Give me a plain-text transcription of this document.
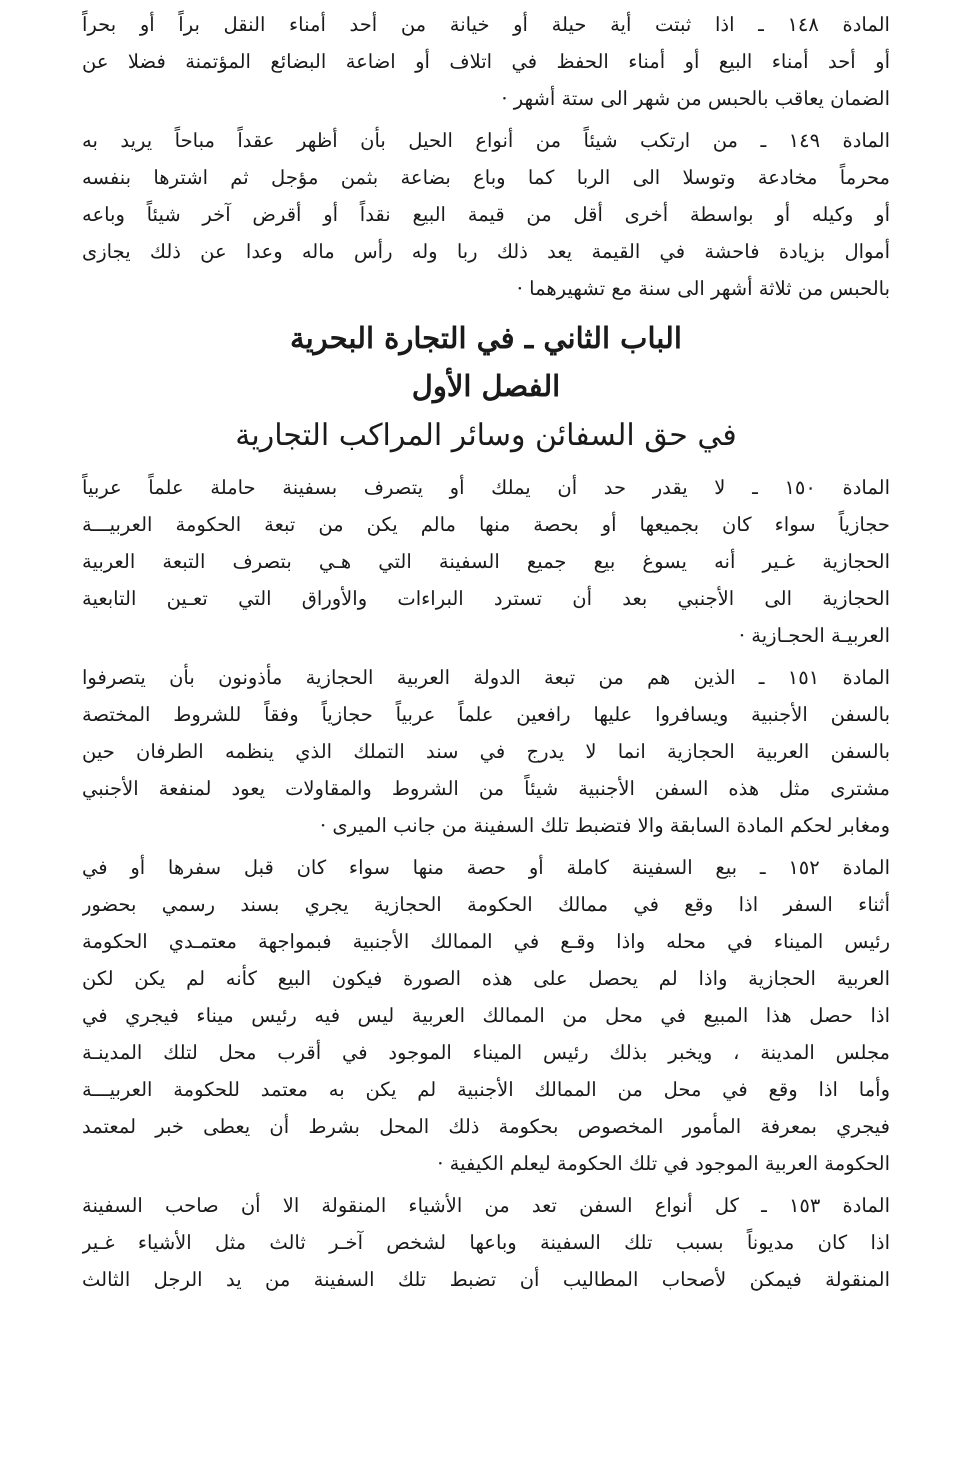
المادة ١٤٨ ـ اذا ثبتت أية حيلة أو خيانة من أحد أمناء النقل براً أو بحراً
أو أحد أمناء البيع أو أمناء الحفظ في اتلاف أو اضاعة البضائع المؤتمنة فضلا عن
الضمان يعاقب بالحبس من شهر الى ستة أشهر ·

المادة ١٤٩ ـ من ارتكب شيئاً من أنواع الحيل بأن أظهر عقداً مباحاً يريد به
محرماً مخادعة وتوسلا الى الربا كما وباع بضاعة بثمن مؤجل ثم اشترها بنفسه
أو وكيله أو بواسطة أخرى أقل من قيمة البيع نقداً أو أقرض آخر شيئاً وباعه
أموال بزيادة فاحشة في القيمة يعد ذلك ربا وله رأس ماله وعدا عن ذلك يجازى
بالحبس من ثلاثة أشهر الى سنة مع تشهيرهما ·

الباب الثاني ـ في التجارة البحرية
الفصل الأول
في حق السفائن وسائر المراكب التجارية

المادة ١٥٠ ـ لا يقدر حد أن يملك أو يتصرف بسفينة حاملة علماً عربياً
حجازياً سواء كان بجميعها أو بحصة منها مالم يكن من تبعة الحكومة العربيـــة
الحجازية غـير أنه يسوغ بيع جميع السفينة التي هـي بتصرف التبعة العربية
الحجازية الى الأجنبي بعد أن تسترد البراءات والأوراق التي تعـين التابعية
العربيـة الحجـازية ·

المادة ١٥١ ـ الذين هم من تبعة الدولة العربية الحجازية مأذونون بأن يتصرفوا
بالسفن الأجنبية ويسافروا عليها رافعين علماً عربياً حجازياً وفقاً للشروط المختصة
بالسفن العربية الحجازية انما لا يدرج في سند التملك الذي ينظمه الطرفان حين
مشترى مثل هذه السفن الأجنبية شيئاً من الشروط والمقاولات يعود لمنفعة الأجنبي
ومغابر لحكم المادة السابقة والا فتضبط تلك السفينة من جانب الميرى ·

المادة ١٥٢ ـ بيع السفينة كاملة أو حصة منها سواء كان قبل سفرها أو في
أثناء السفر اذا وقع في ممالك الحكومة الحجازية يجري بسند رسمي بحضور
رئيس الميناء في محله واذا وقـع في الممالك الأجنبية فبمواجهة معتمـدي الحكومة
العربية الحجازية واذا لم يحصل على هذه الصورة فيكون البيع كأنه لم يكن لكن
اذا حصل هذا المبيع في محل من الممالك العربية ليس فيه رئيس ميناء فيجري في
مجلس المدينة ، ويخبر بذلك رئيس الميناء الموجود في أقرب محل لتلك المدينـة
وأما اذا وقع في محل من الممالك الأجنبية لم يكن به معتمد للحكومة العربيـــة
فيجري بمعرفة المأمور المخصوص بحكومة ذلك المحل بشرط أن يعطى خبر لمعتمد
الحكومة العربية الموجود في تلك الحكومة ليعلم الكيفية ·

المادة ١٥٣ ـ كل أنواع السفن تعد من الأشياء المنقولة الا أن صاحب السفينة
اذا كان مديوناً بسبب تلك السفينة وباعها لشخص آخـر ثالث مثل الأشياء غـير
المنقولة فيمكن لأصحاب المطاليب أن تضبط تلك السفينة من يد الرجل الثالث
